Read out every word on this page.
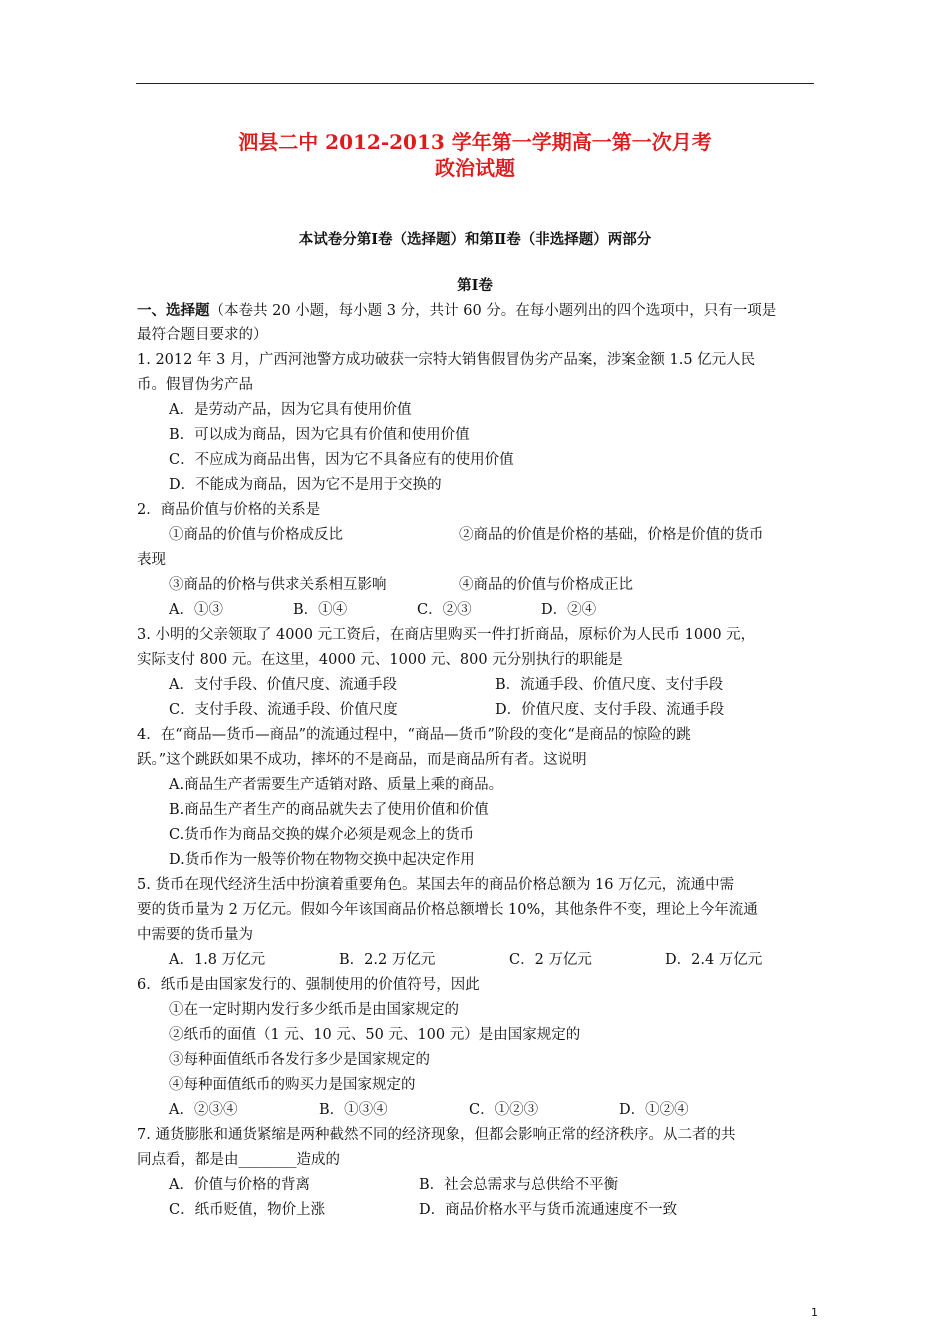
泗县二中 2012-2013 学年第一学期高一第一次月考
政治试题
本试卷分第Ⅰ卷（选择题）和第Ⅱ卷（非选择题）两部分
第Ⅰ卷
一、选择题（本卷共 20 小题，每小题 3 分，共计 60 分。在每小题列出的四个选项中，只有一项是
最符合题目要求的）
1. 2012 年 3 月，广西河池警方成功破获一宗特大销售假冒伪劣产品案，涉案金额 1.5 亿元人民
币。假冒伪劣产品
A．是劳动产品，因为它具有使用价值
B．可以成为商品，因为它具有价值和使用价值
C．不应成为商品出售，因为它不具备应有的使用价值
D．不能成为商品，因为它不是用于交换的
2．商品价值与价格的关系是
①商品的价值与价格成反比	②商品的价值是价格的基础，价格是价值的货币
表现
③商品的价格与供求关系相互影响	④商品的价值与价格成正比
A．①③	B．①④	C．②③	D．②④
3. 小明的父亲领取了 4000 元工资后，在商店里购买一件打折商品，原标价为人民币 1000 元，
实际支付 800 元。在这里，4000 元、1000 元、800 元分别执行的职能是
A．支付手段、价值尺度、流通手段	B．流通手段、价值尺度、支付手段
C．支付手段、流通手段、价值尺度	D．价值尺度、支付手段、流通手段
4．在“商品—货币—商品”的流通过程中，“商品—货币”阶段的变化“是商品的惊险的跳
跃。”这个跳跃如果不成功，摔坏的不是商品，而是商品所有者。这说明
A.商品生产者需要生产适销对路、质量上乘的商品。
B.商品生产者生产的商品就失去了使用价值和价值
C.货币作为商品交换的媒介必须是观念上的货币
D.货币作为一般等价物在物物交换中起决定作用
5. 货币在现代经济生活中扮演着重要角色。某国去年的商品价格总额为 16 万亿元，流通中需
要的货币量为 2 万亿元。假如今年该国商品价格总额增长 10%，其他条件不变，理论上今年流通
中需要的货币量为
A．1.8 万亿元	B．2.2 万亿元	C．2 万亿元	D．2.4 万亿元
6．纸币是由国家发行的、强制使用的价值符号，因此
①在一定时期内发行多少纸币是由国家规定的
②纸币的面值（1 元、10 元、50 元、100 元）是由国家规定的
③每种面值纸币各发行多少是国家规定的
④每种面值纸币的购买力是国家规定的
A．②③④	B．①③④	C．①②③	D．①②④
7. 通货膨胀和通货紧缩是两种截然不同的经济现象，但都会影响正常的经济秩序。从二者的共
同点看，都是由________造成的
A．价值与价格的背离	B．社会总需求与总供给不平衡
C．纸币贬值，物价上涨	D．商品价格水平与货币流通速度不一致
1
